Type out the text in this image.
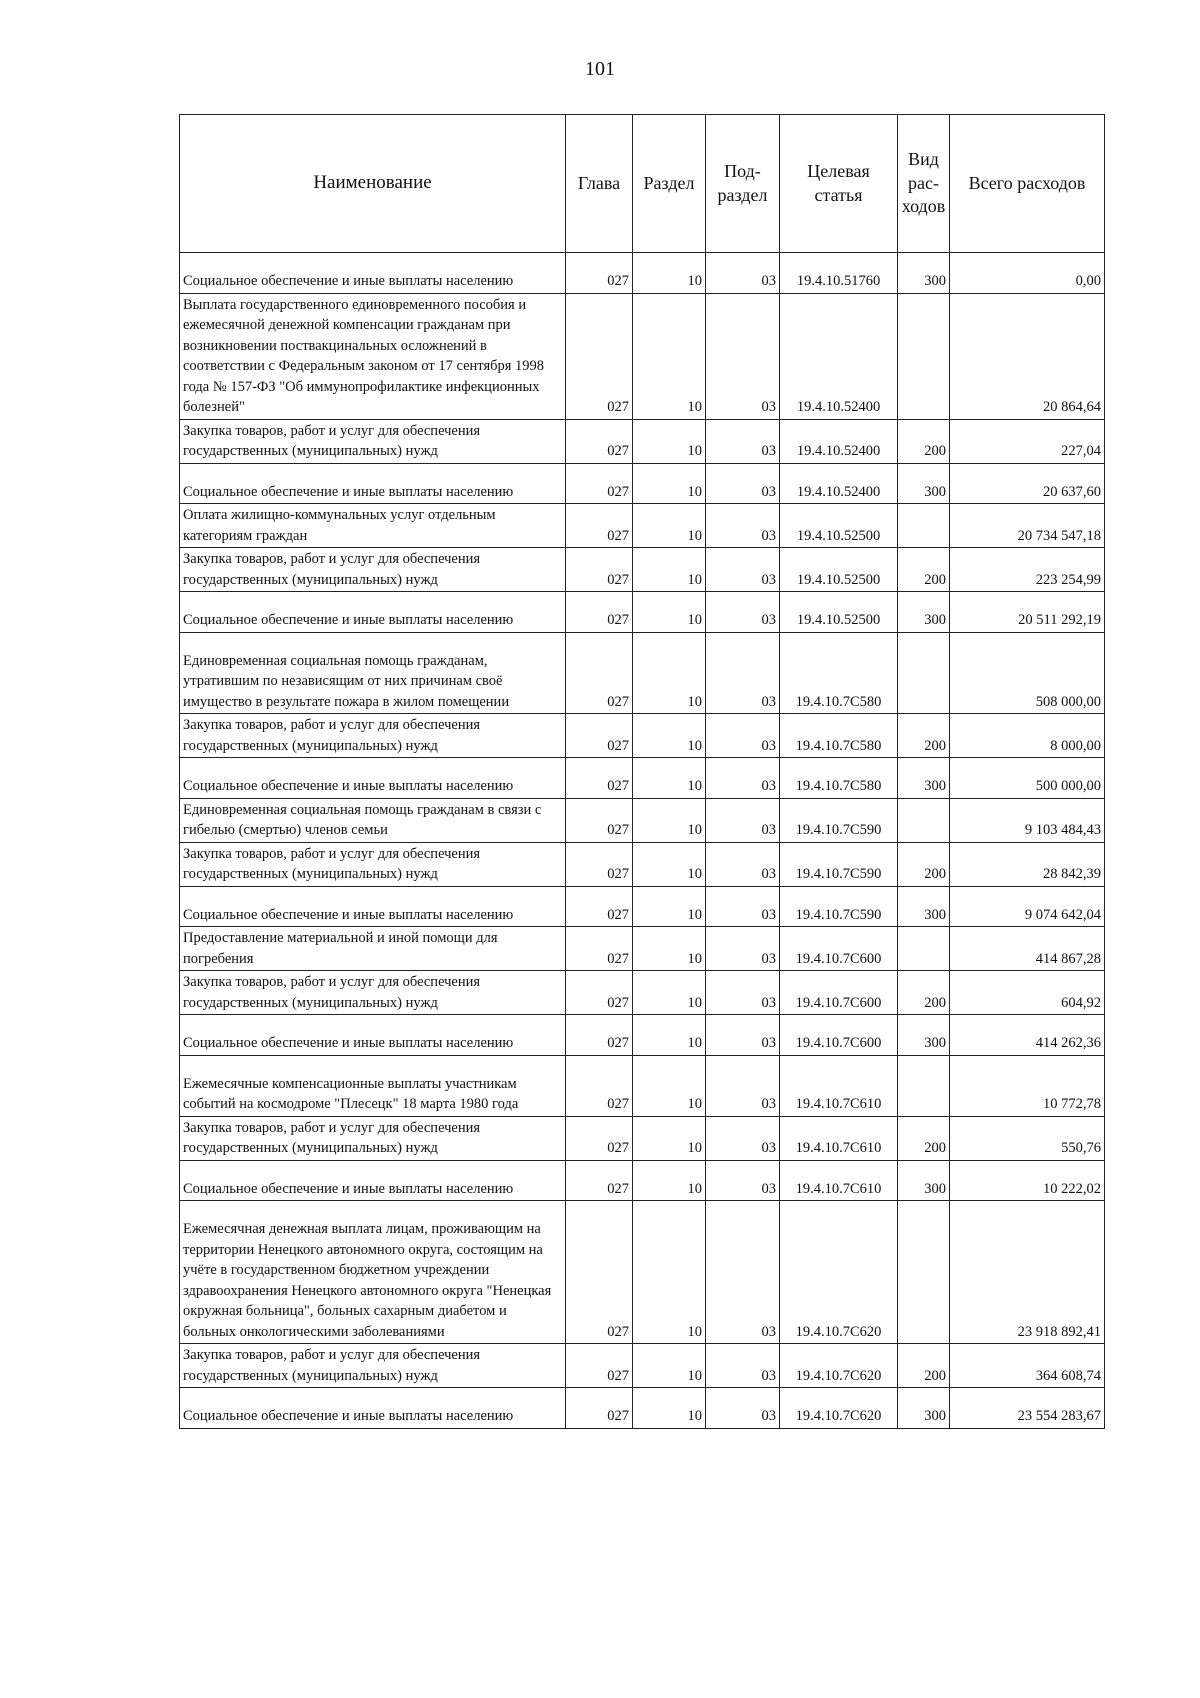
101
Наименование	Глава	Раздел	Под-раздел	Целевая статья	Вид рас-ходов	Всего расходов
Социальное обеспечение и иные выплаты населению	027	10	03	19.4.10.51760	300	0,00
Выплата государственного единовременного пособия и ежемесячной денежной компенсации гражданам при возникновении поствакцинальных осложнений в соответствии с Федеральным законом от 17 сентября 1998 года № 157-ФЗ "Об иммунопрофилактике инфекционных болезней"	027	10	03	19.4.10.52400		20 864,64
Закупка товаров, работ и услуг для обеспечения государственных (муниципальных) нужд	027	10	03	19.4.10.52400	200	227,04
Социальное обеспечение и иные выплаты населению	027	10	03	19.4.10.52400	300	20 637,60
Оплата жилищно-коммунальных услуг отдельным категориям граждан	027	10	03	19.4.10.52500		20 734 547,18
Закупка товаров, работ и услуг для обеспечения государственных (муниципальных) нужд	027	10	03	19.4.10.52500	200	223 254,99
Социальное обеспечение и иные выплаты населению	027	10	03	19.4.10.52500	300	20 511 292,19
Единовременная социальная помощь гражданам, утратившим по независящим от них причинам своё имущество в результате пожара в жилом помещении	027	10	03	19.4.10.7С580		508 000,00
Закупка товаров, работ и услуг для обеспечения государственных (муниципальных) нужд	027	10	03	19.4.10.7С580	200	8 000,00
Социальное обеспечение и иные выплаты населению	027	10	03	19.4.10.7С580	300	500 000,00
Единовременная социальная помощь гражданам в связи с гибелью (смертью) членов семьи	027	10	03	19.4.10.7С590		9 103 484,43
Закупка товаров, работ и услуг для обеспечения государственных (муниципальных) нужд	027	10	03	19.4.10.7С590	200	28 842,39
Социальное обеспечение и иные выплаты населению	027	10	03	19.4.10.7С590	300	9 074 642,04
Предоставление материальной и иной помощи для погребения	027	10	03	19.4.10.7С600		414 867,28
Закупка товаров, работ и услуг для обеспечения государственных (муниципальных) нужд	027	10	03	19.4.10.7С600	200	604,92
Социальное обеспечение и иные выплаты населению	027	10	03	19.4.10.7С600	300	414 262,36
Ежемесячные компенсационные выплаты участникам событий на космодроме "Плесецк" 18 марта 1980 года	027	10	03	19.4.10.7С610		10 772,78
Закупка товаров, работ и услуг для обеспечения государственных (муниципальных) нужд	027	10	03	19.4.10.7С610	200	550,76
Социальное обеспечение и иные выплаты населению	027	10	03	19.4.10.7С610	300	10 222,02
Ежемесячная денежная выплата лицам, проживающим на территории Ненецкого автономного округа, состоящим на учёте в государственном бюджетном учреждении здравоохранения Ненецкого автономного округа "Ненецкая окружная больница", больных сахарным диабетом и больных онкологическими заболеваниями	027	10	03	19.4.10.7С620		23 918 892,41
Закупка товаров, работ и услуг для обеспечения государственных (муниципальных) нужд	027	10	03	19.4.10.7С620	200	364 608,74
Социальное обеспечение и иные выплаты населению	027	10	03	19.4.10.7С620	300	23 554 283,67
